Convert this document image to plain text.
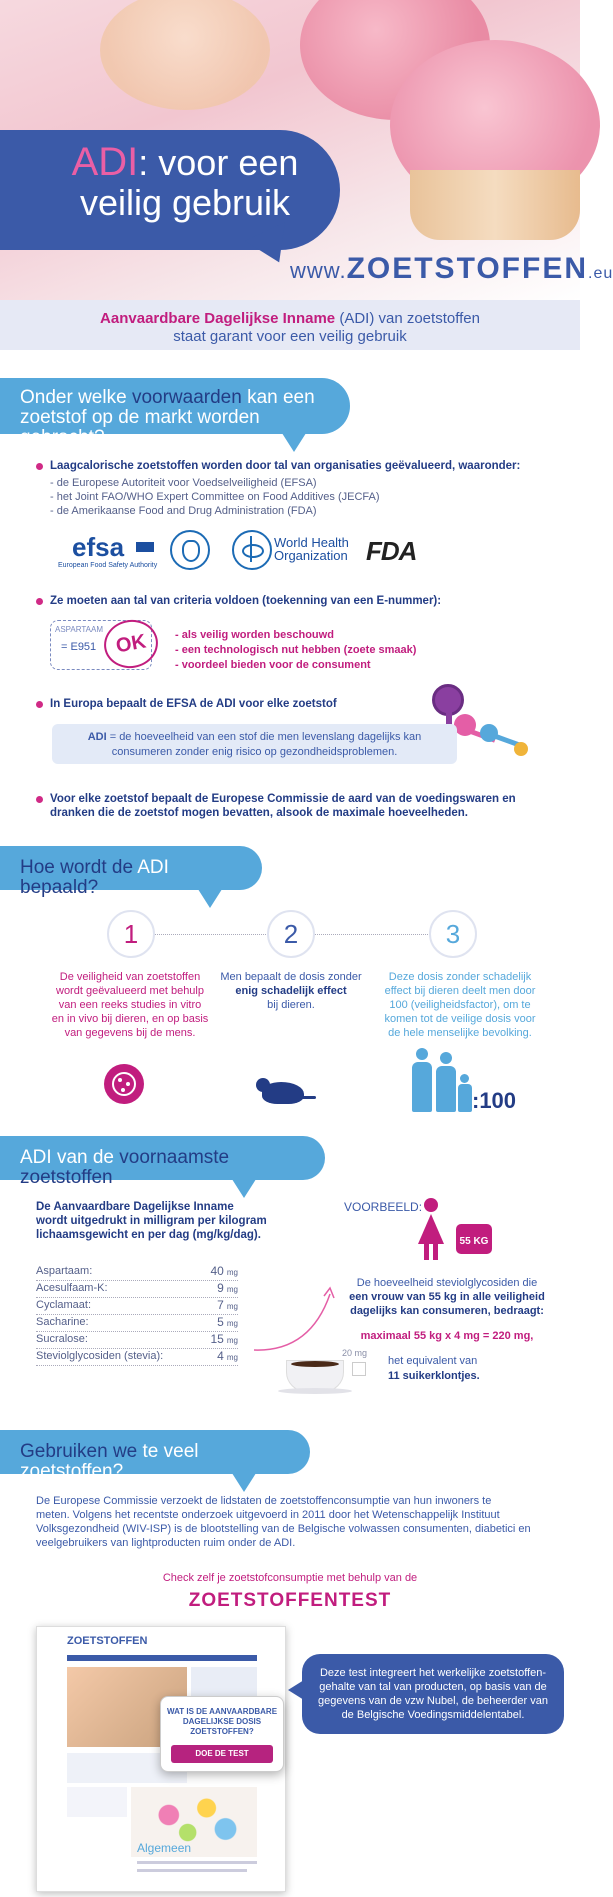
ADI: voor een
veilig gebruik
www.ZOETSTOFFEN.eu
Aanvaardbare Dagelijkse Inname (ADI) van zoetstoffen
staat garant voor een veilig gebruik
Onder welke voorwaarden kan een
zoetstof op de markt worden gebracht?
Laagcalorische zoetstoffen worden door tal van organisaties geëvalueerd, waaronder:
- de Europese Autoriteit voor Voedselveiligheid (EFSA)
- het Joint FAO/WHO Expert Committee on Food Additives (JECFA)
- de Amerikaanse Food and Drug Administration (FDA)
efsa
European Food Safety Authority
World Health
Organization FDA
Ze moeten aan tal van criteria voldoen (toekenning van een E-nummer):
ASPARTAAM
= E951 OK	- als veilig worden beschouwd
- een technologisch nut hebben (zoete smaak)
- voordeel bieden voor de consument
In Europa bepaalt de EFSA de ADI voor elke zoetstof
ADI = de hoeveelheid van een stof die men levenslang dagelijks kan
consumeren zonder enig risico op gezondheidsproblemen.
Voor elke zoetstof bepaalt de Europese Commissie de aard van de voedingswaren en
dranken die de zoetstof mogen bevatten, alsook de maximale hoeveelheden.
Hoe wordt de ADI bepaald?
1	2	3
De veiligheid van zoetstoffen
wordt geëvalueerd met behulp
van een reeks studies in vitro
en in vivo bij dieren, en op basis
van gegevens bij de mens.
Men bepaalt de dosis zonder
enig schadelijk effect
bij dieren.
Deze dosis zonder schadelijk
effect bij dieren deelt men door
100 (veiligheidsfactor), om te
komen tot de veilige dosis voor
de hele menselijke bevolking.
:100
ADI van de voornaamste zoetstoffen
De Aanvaardbare Dagelijkse Inname
wordt uitgedrukt in milligram per kilogram
lichaamsgewicht en per dag (mg/kg/dag).
Aspartaam:	40 mg
Acesulfaam-K:	9 mg
Cyclamaat:	7 mg
Sacharine:	5 mg
Sucralose:	15 mg
Steviolglycosiden (stevia):	4 mg
VOORBEELD:
55 KG
De hoeveelheid steviolglycosiden die
een vrouw van 55 kg in alle veiligheid
dagelijks kan consumeren, bedraagt:
maximaal 55 kg x 4 mg = 220 mg,
20 mg
het equivalent van
11 suikerklontjes.
Gebruiken we te veel zoetstoffen?
De Europese Commissie verzoekt de lidstaten de zoetstoffenconsumptie van hun inwoners te
meten. Volgens het recentste onderzoek uitgevoerd in 2011 door het Wetenschappelijk Instituut
Volksgezondheid (WIV-ISP) is de blootstelling van de Belgische volwassen consumenten, diabetici en
veelgebruikers van lightproducten ruim onder de ADI.
Check zelf je zoetstofconsumptie met behulp van de
ZOETSTOFFENTEST
ZOETSTOFFEN
Algemeen
WAT IS DE AANVAARDBARE
DAGELIJKSE DOSIS
ZOETSTOFFEN?
DOE DE TEST
Deze test integreert het werkelijke zoetstoffen-
gehalte van tal van producten, op basis van de
gegevens van de vzw Nubel, de beheerder van
de Belgische Voedingsmiddelentabel.
